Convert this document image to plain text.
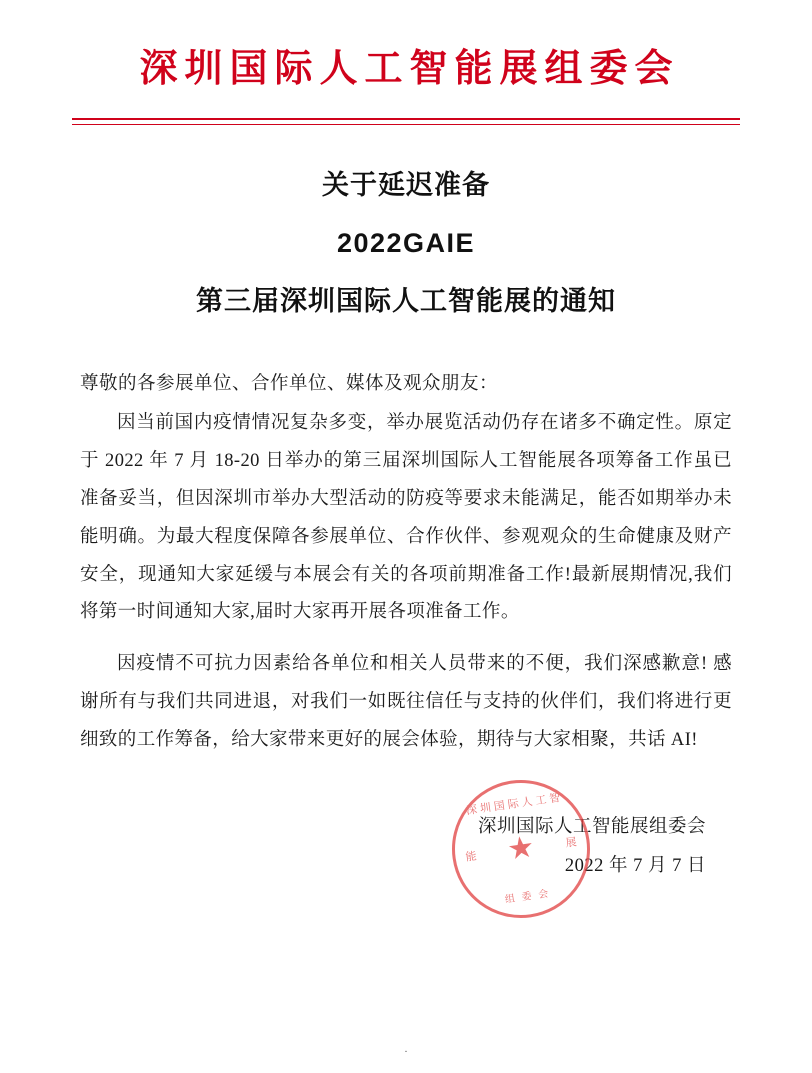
深圳国际人工智能展组委会
关于延迟准备
2022GAIE
第三届深圳国际人工智能展的通知

尊敬的各参展单位、合作单位、媒体及观众朋友：

因当前国内疫情情况复杂多变，举办展览活动仍存在诸多不确定性。原定于 2022 年 7 月 18-20 日举办的第三届深圳国际人工智能展各项筹备工作虽已准备妥当，但因深圳市举办大型活动的防疫等要求未能满足，能否如期举办未能明确。为最大程度保障各参展单位、合作伙伴、参观观众的生命健康及财产安全，现通知大家延缓与本展会有关的各项前期准备工作!最新展期情况,我们将第一时间通知大家,届时大家再开展各项准备工作。

因疫情不可抗力因素给各单位和相关人员带来的不便，我们深感歉意! 感谢所有与我们共同进退，对我们一如既往信任与支持的伙伴们，我们将进行更细致的工作筹备，给大家带来更好的展会体验，期待与大家相聚，共话 AI!

深圳国际人工智
能
展
★
组 委 会
深圳国际人工智能展组委会
2022 年 7 月 7 日
.
